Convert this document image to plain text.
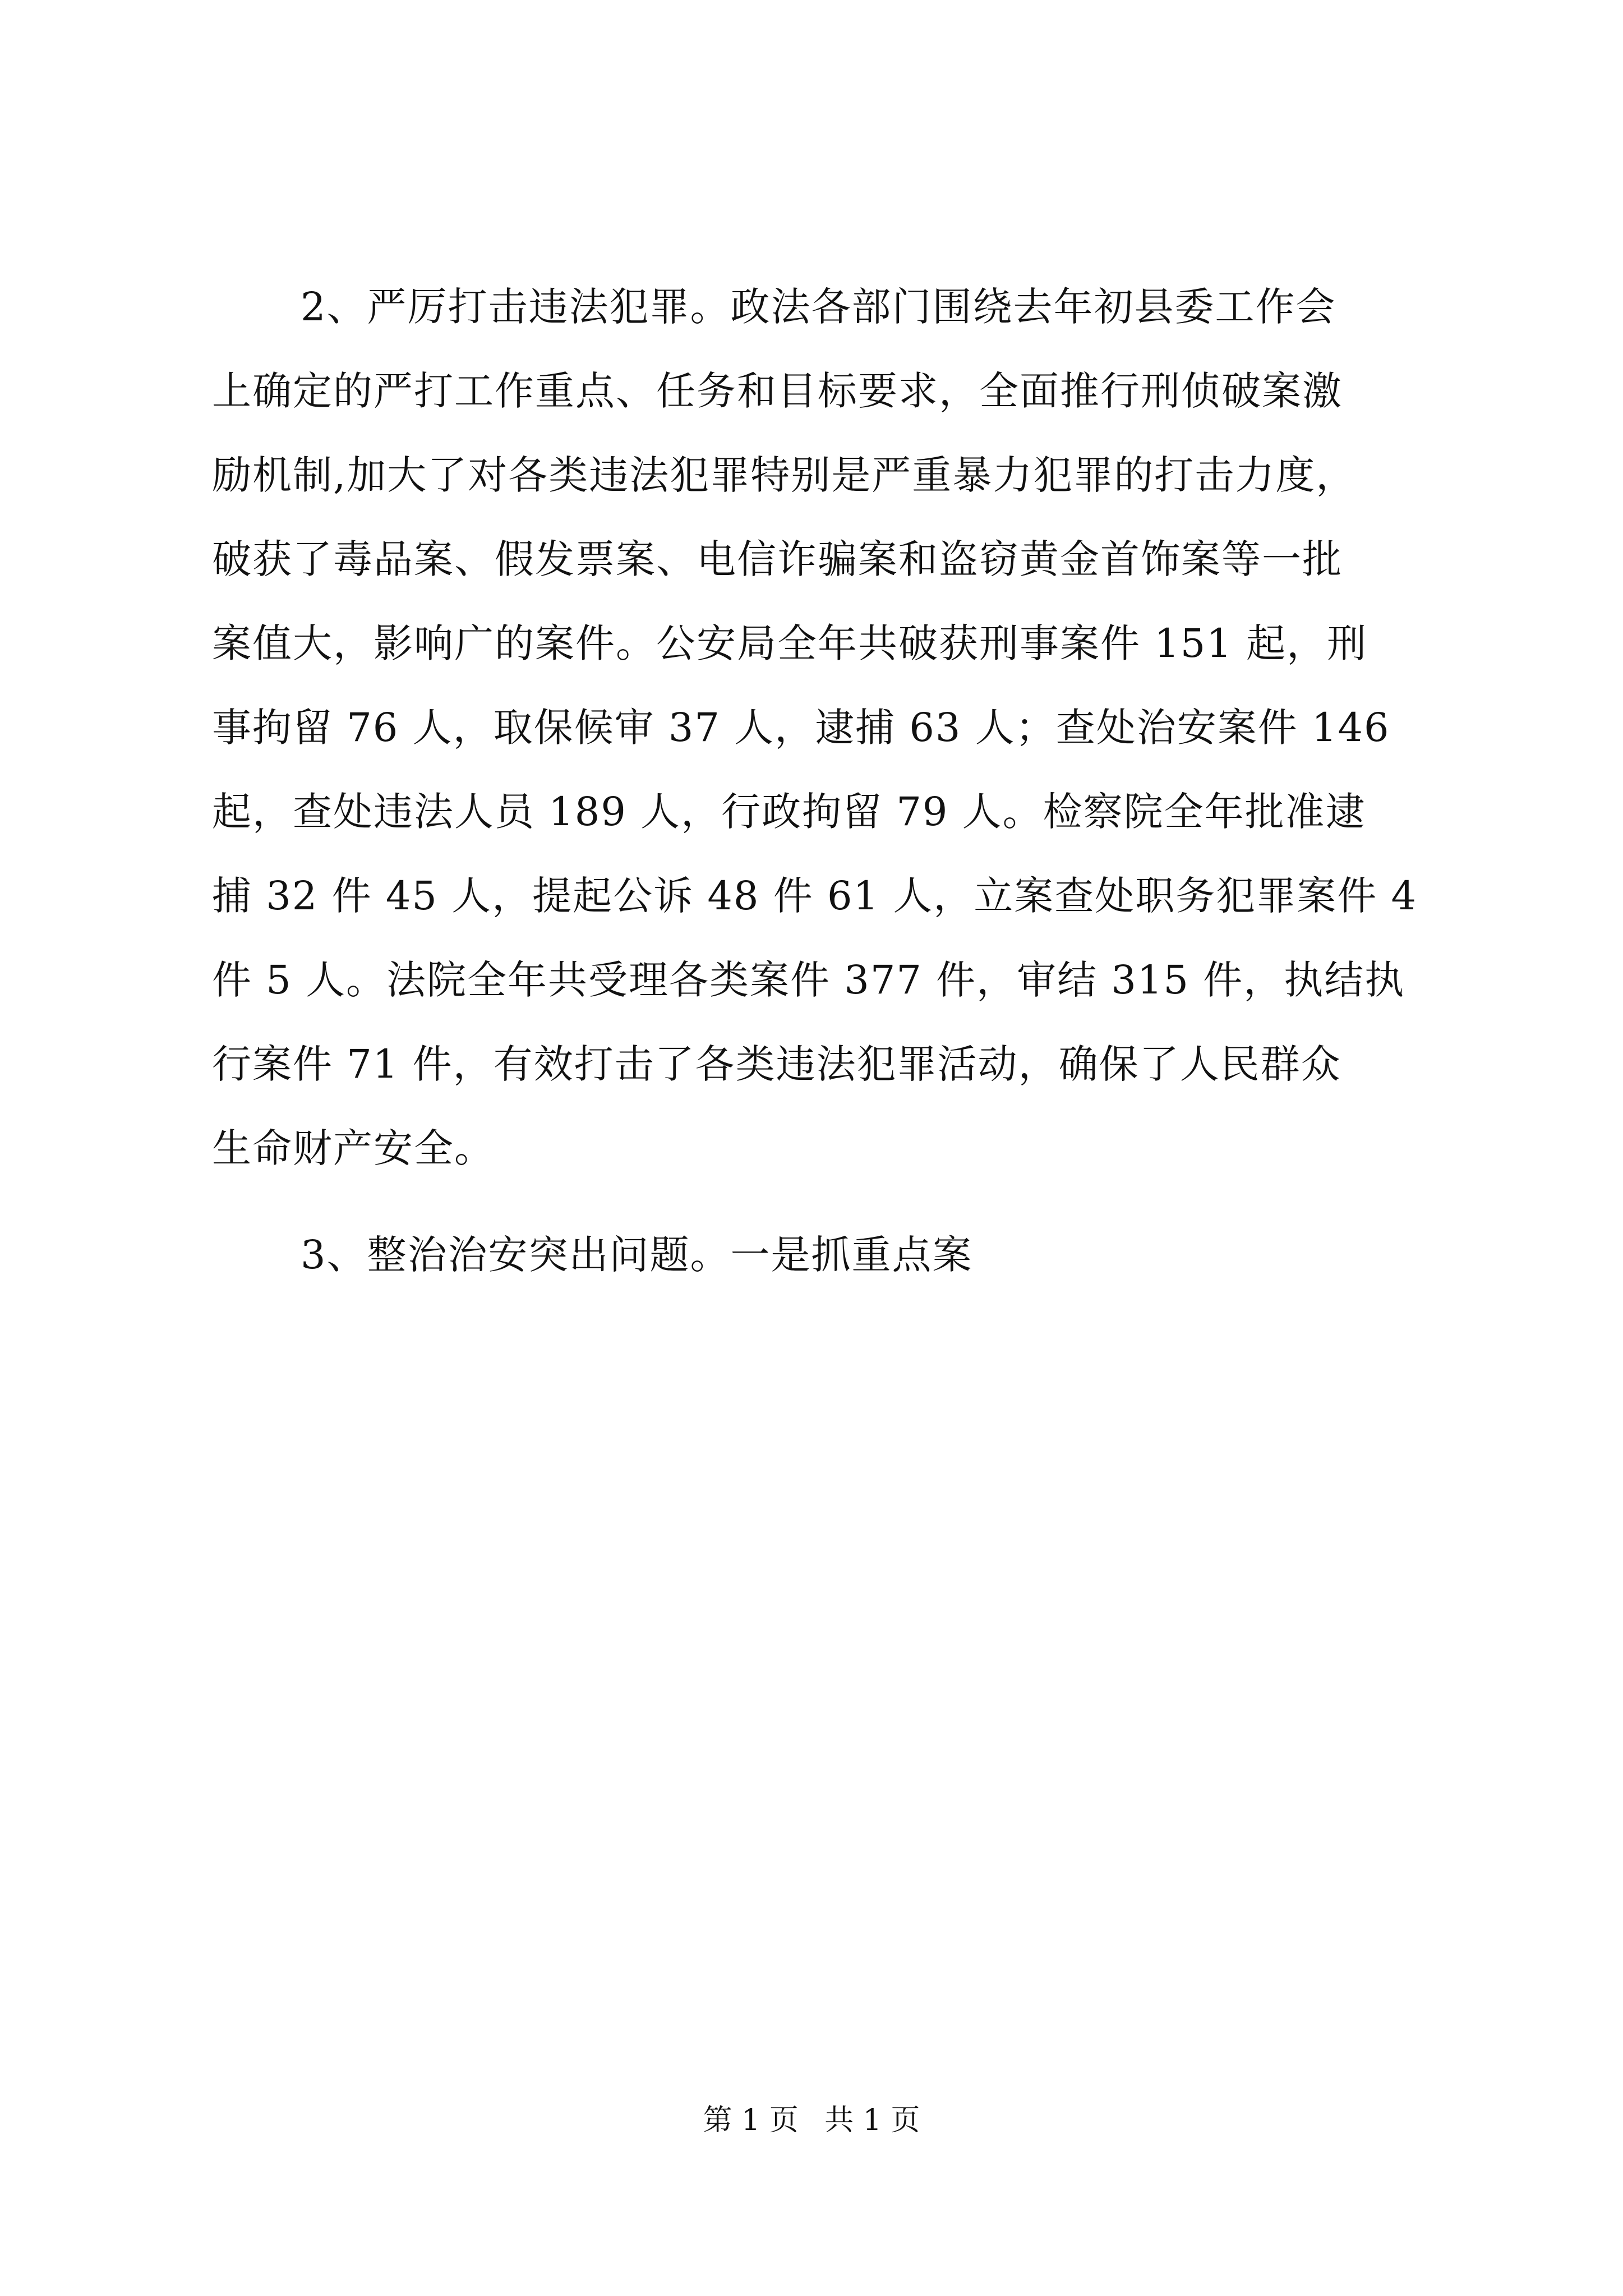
2、严厉打击违法犯罪。政法各部门围绕去年初县委工作会
上确定的严打工作重点、任务和目标要求，全面推行刑侦破案激
励机制,加大了对各类违法犯罪特别是严重暴力犯罪的打击力度，
破获了毒品案、假发票案、电信诈骗案和盗窃黄金首饰案等一批
案值大，影响广的案件。公安局全年共破获刑事案件 151 起，刑
事拘留 76 人，取保候审 37 人，逮捕 63 人；查处治安案件 146
起，查处违法人员 189 人，行政拘留 79 人。检察院全年批准逮
捕 32 件 45 人，提起公诉 48 件 61 人，立案查处职务犯罪案件 4
件 5 人。法院全年共受理各类案件 377 件，审结 315 件，执结执
行案件 71 件，有效打击了各类违法犯罪活动，确保了人民群众
生命财产安全。
3、整治治安突出问题。一是抓重点案
第 1 页 共 1 页
